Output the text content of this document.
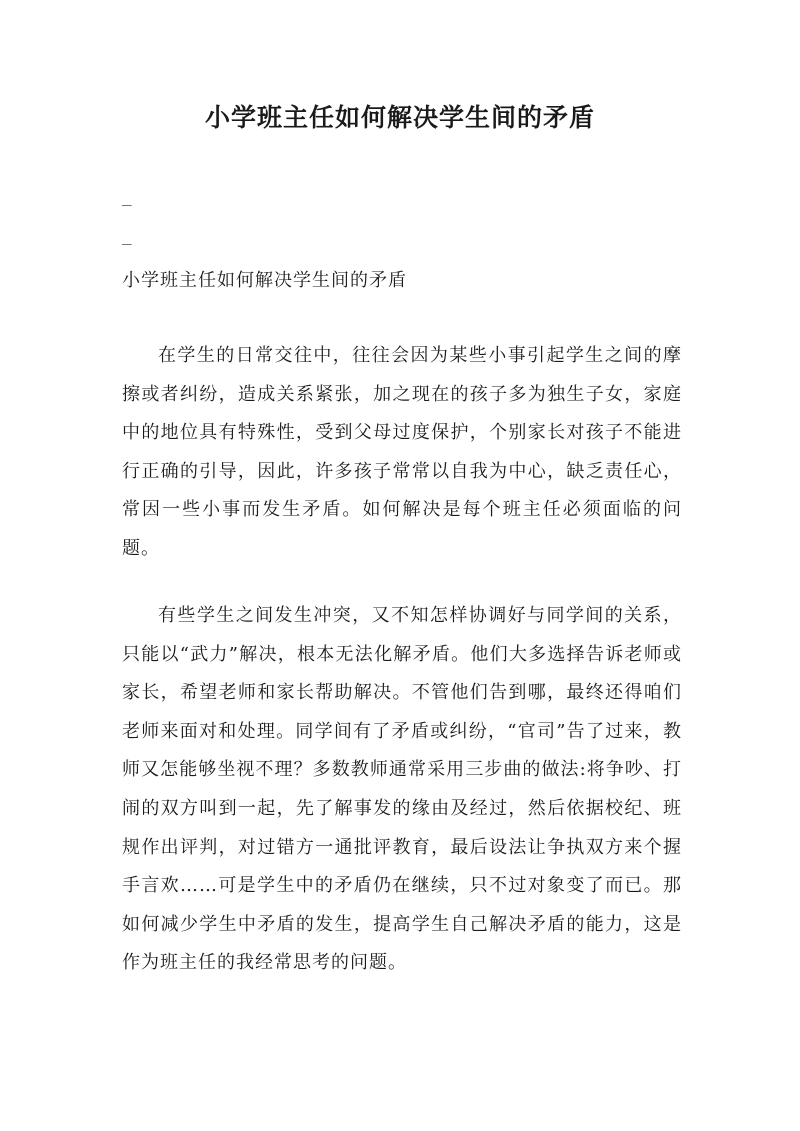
小学班主任如何解决学生间的矛盾
_
_

小学班主任如何解决学生间的矛盾

在学生的日常交往中，往往会因为某些小事引起学生之间的摩擦或者纠纷，造成关系紧张，加之现在的孩子多为独生子女，家庭中的地位具有特殊性，受到父母过度保护，个别家长对孩子不能进行正确的引导，因此，许多孩子常常以自我为中心，缺乏责任心，常因一些小事而发生矛盾。如何解决是每个班主任必须面临的问题。

有些学生之间发生冲突，又不知怎样协调好与同学间的关系，只能以“武力”解决，根本无法化解矛盾。他们大多选择告诉老师或家长，希望老师和家长帮助解决。不管他们告到哪，最终还得咱们老师来面对和处理。同学间有了矛盾或纠纷，“官司”告了过来，教师又怎能够坐视不理？多数教师通常采用三步曲的做法:将争吵、打闹的双方叫到一起，先了解事发的缘由及经过，然后依据校纪、班规作出评判，对过错方一通批评教育，最后设法让争执双方来个握手言欢……可是学生中的矛盾仍在继续，只不过对象变了而已。那如何减少学生中矛盾的发生，提高学生自己解决矛盾的能力，这是作为班主任的我经常思考的问题。
